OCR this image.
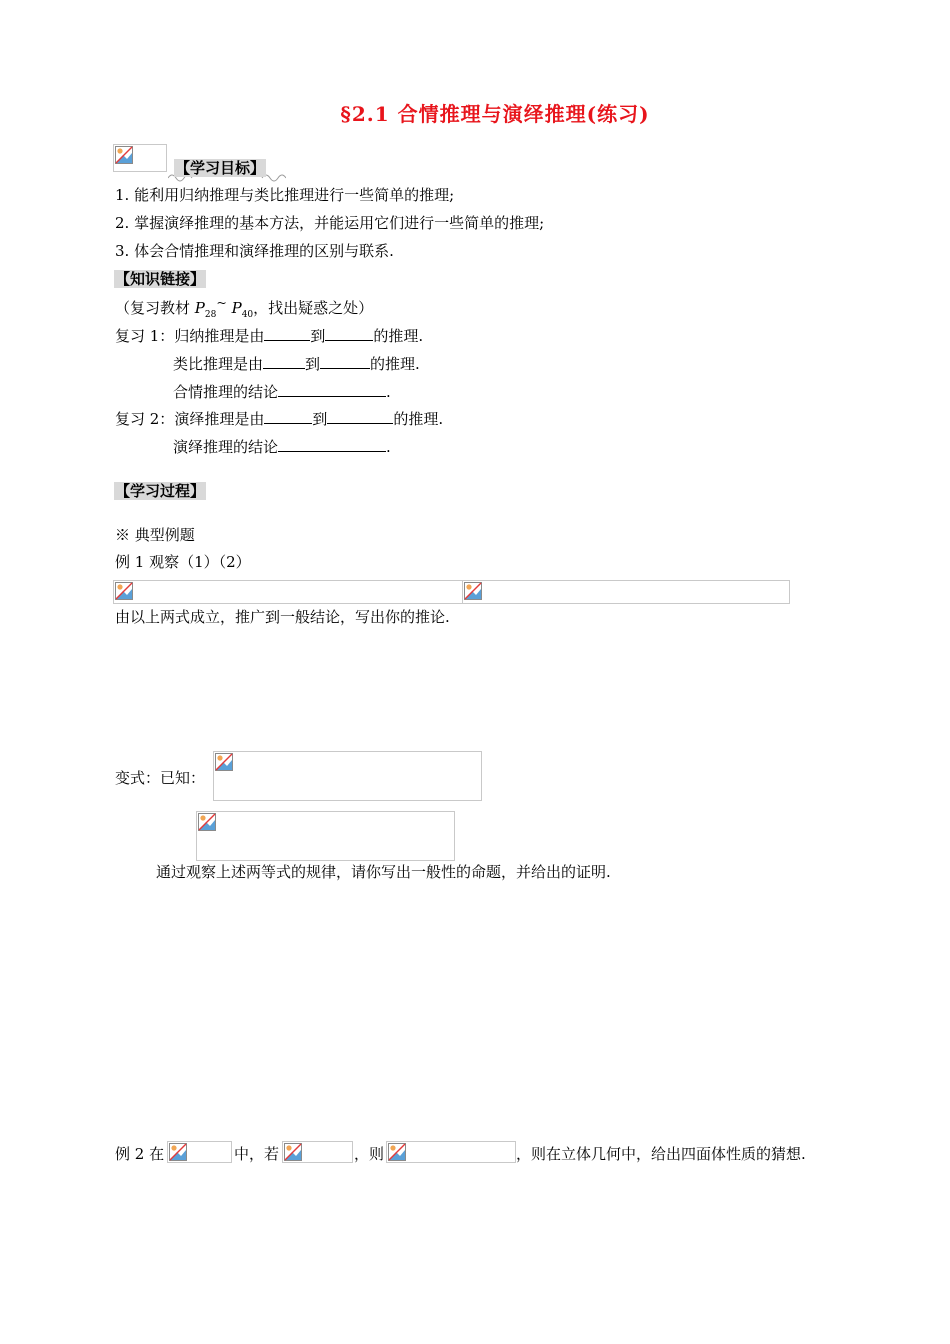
§2.1 合情推理与演绎推理(练习)
【学习目标】
1. 能利用归纳推理与类比推理进行一些简单的推理;
2. 掌握演绎推理的基本方法，并能运用它们进行一些简单的推理;
3. 体会合情推理和演绎推理的区别与联系.
【知识链接】
（复习教材 $P_{28}^\sim$ $P_{40}$，找出疑惑之处）
复习 1：归纳推理是由	到	的推理.
类比推理是由	到	的推理.
合情推理的结论	.
复习 2：演绎推理是由	到	的推理.
演绎推理的结论	.
【学习过程】
※ 典型例题
例 1 观察（1）（2）
由以上两式成立，推广到一般结论，写出你的推论.
变式：已知：
通过观察上述两等式的规律，请你写出一般性的命题，并给出的证明.
例 2 在	中，若	，则	，则在立体几何中，给出四面体性质的猜想.
